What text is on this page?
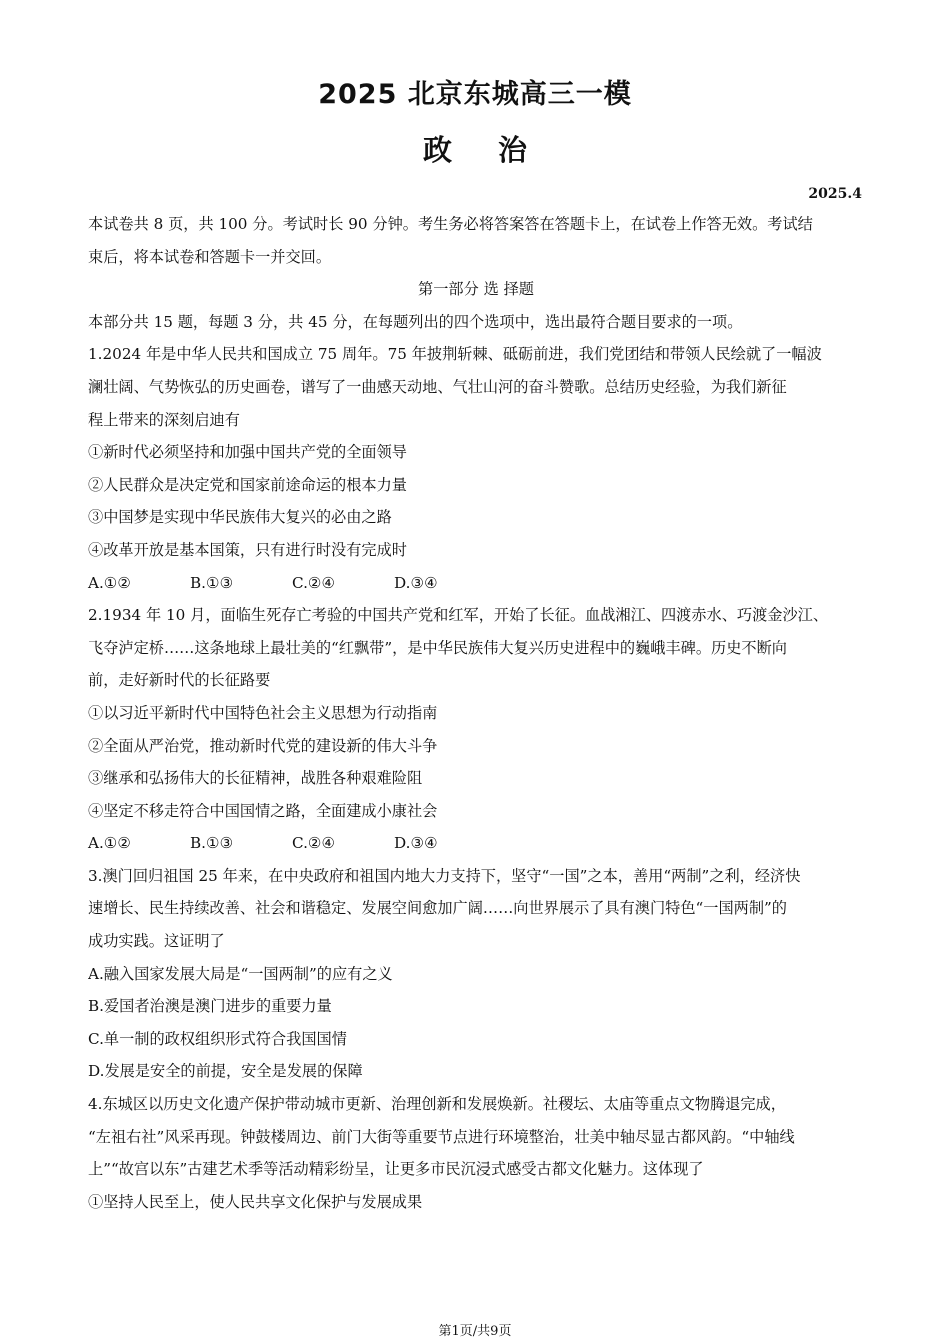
2025 北京东城高三一模
政治
2025.4
本试卷共 8 页，共 100 分。考试时长 90 分钟。考生务必将答案答在答题卡上，在试卷上作答无效。考试结
束后，将本试卷和答题卡一并交回。
第一部分 选 择题
本部分共 15 题，每题 3 分，共 45 分，在每题列出的四个选项中，选出最符合题目要求的一项。
1.2024 年是中华人民共和国成立 75 周年。75 年披荆斩棘、砥砺前进，我们党团结和带领人民绘就了一幅波
澜壮阔、气势恢弘的历史画卷，谱写了一曲感天动地、气壮山河的奋斗赞歌。总结历史经验，为我们新征
程上带来的深刻启迪有
①新时代必须坚持和加强中国共产党的全面领导
②人民群众是决定党和国家前途命运的根本力量
③中国梦是实现中华民族伟大复兴的必由之路
④改革开放是基本国策，只有进行时没有完成时
A.①②	B.①③	C.②④	D.③④
2.1934 年 10 月，面临生死存亡考验的中国共产党和红军，开始了长征。血战湘江、四渡赤水、巧渡金沙江、
飞夺泸定桥……这条地球上最壮美的“红飘带”，是中华民族伟大复兴历史进程中的巍峨丰碑。历史不断向
前，走好新时代的长征路要
①以习近平新时代中国特色社会主义思想为行动指南
②全面从严治党，推动新时代党的建设新的伟大斗争
③继承和弘扬伟大的长征精神，战胜各种艰难险阻
④坚定不移走符合中国国情之路，全面建成小康社会
A.①②	B.①③	C.②④	D.③④
3.澳门回归祖国 25 年来，在中央政府和祖国内地大力支持下，坚守“一国”之本，善用“两制”之利，经济快
速增长、民生持续改善、社会和谐稳定、发展空间愈加广阔……向世界展示了具有澳门特色“一国两制”的
成功实践。这证明了
A.融入国家发展大局是“一国两制”的应有之义
B.爱国者治澳是澳门进步的重要力量
C.单一制的政权组织形式符合我国国情
D.发展是安全的前提，安全是发展的保障
4.东城区以历史文化遗产保护带动城市更新、治理创新和发展焕新。社稷坛、太庙等重点文物腾退完成，
“左祖右社”风采再现。钟鼓楼周边、前门大街等重要节点进行环境整治，壮美中轴尽显古都风韵。“中轴线
上”“故宫以东”古建艺术季等活动精彩纷呈，让更多市民沉浸式感受古都文化魅力。这体现了
①坚持人民至上，使人民共享文化保护与发展成果
第1页/共9页
